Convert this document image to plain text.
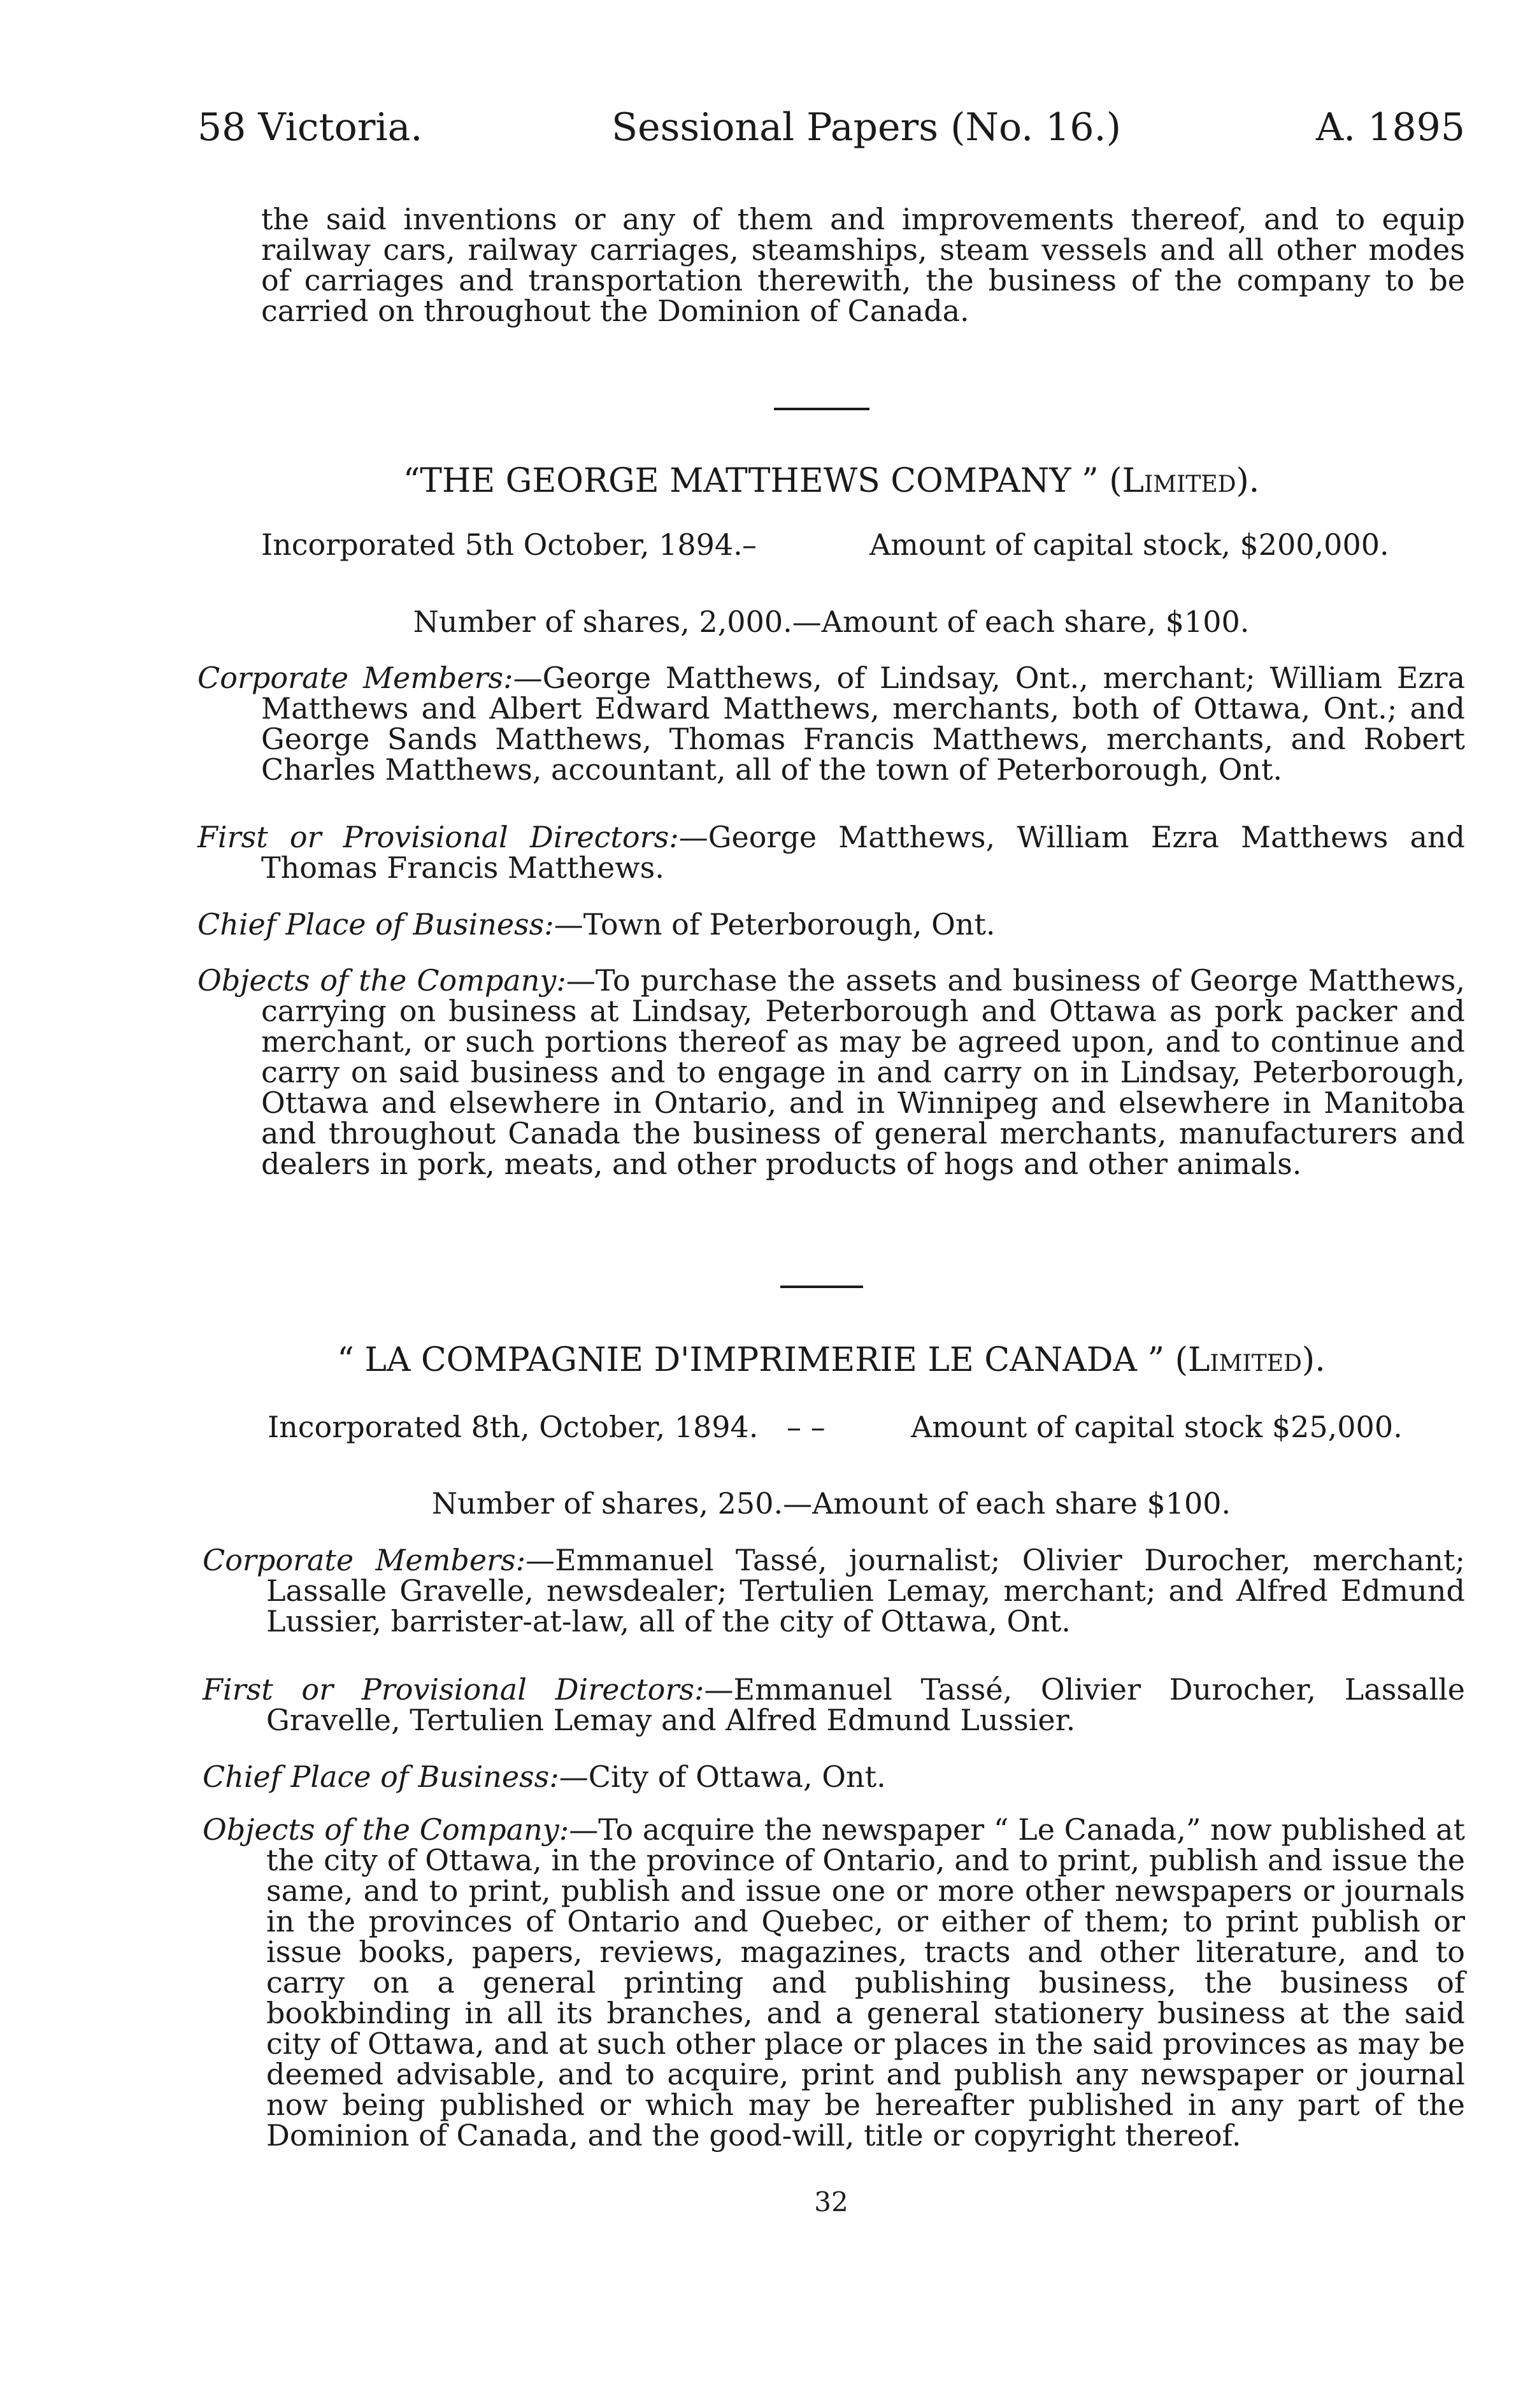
58 Victoria.	Sessional Papers (No. 16.)	A. 1895

the said inventions or any of them and improvements thereof, and to equip railway cars, railway carriages, steamships, steam vessels and all other modes of carriages and transportation therewith, the business of the company to be carried on throughout the Dominion of Canada.

“THE GEORGE MATTHEWS COMPANY ” (Limited).
Incorporated 5th October, 1894. –	Amount of capital stock, $200,000.
Number of shares, 2,000.—Amount of each share, $100.

Corporate Members:—George Matthews, of Lindsay, Ont., merchant; William Ezra Matthews and Albert Edward Matthews, merchants, both of Ottawa, Ont.; and George Sands Matthews, Thomas Francis Matthews, merchants, and Robert Charles Matthews, accountant, all of the town of Peterborough, Ont.

First or Provisional Directors:—George Matthews, William Ezra Matthews and Thomas Francis Matthews.

Chief Place of Business:—Town of Peterborough, Ont.

Objects of the Company:—To purchase the assets and business of George Matthews, carrying on business at Lindsay, Peterborough and Ottawa as pork packer and merchant, or such portions thereof as may be agreed upon, and to continue and carry on said business and to engage in and carry on in Lindsay, Peterborough, Ottawa and elsewhere in Ontario, and in Winnipeg and elsewhere in Manitoba and throughout Canada the business of general merchants, manufacturers and dealers in pork, meats, and other products of hogs and other animals.

“ LA COMPAGNIE D'IMPRIMERIE LE CANADA ” (Limited).
Incorporated 8th, October, 1894. – –	Amount of capital stock $25,000.
Number of shares, 250.—Amount of each share $100.

Corporate Members:—Emmanuel Tassé, journalist; Olivier Durocher, merchant; Lassalle Gravelle, newsdealer; Tertulien Lemay, merchant; and Alfred Edmund Lussier, barrister-at-law, all of the city of Ottawa, Ont.

First or Provisional Directors:—Emmanuel Tassé, Olivier Durocher, Lassalle Gravelle, Tertulien Lemay and Alfred Edmund Lussier.

Chief Place of Business:—City of Ottawa, Ont.

Objects of the Company:—To acquire the newspaper “ Le Canada,” now published at the city of Ottawa, in the province of Ontario, and to print, publish and issue the same, and to print, publish and issue one or more other newspapers or journals in the provinces of Ontario and Quebec, or either of them; to print publish or issue books, papers, reviews, magazines, tracts and other literature, and to carry on a general printing and publishing business, the business of bookbinding in all its branches, and a general stationery business at the said city of Ottawa, and at such other place or places in the said provinces as may be deemed advisable, and to acquire, print and publish any newspaper or journal now being published or which may be hereafter published in any part of the Dominion of Canada, and the good-will, title or copyright thereof.

32
